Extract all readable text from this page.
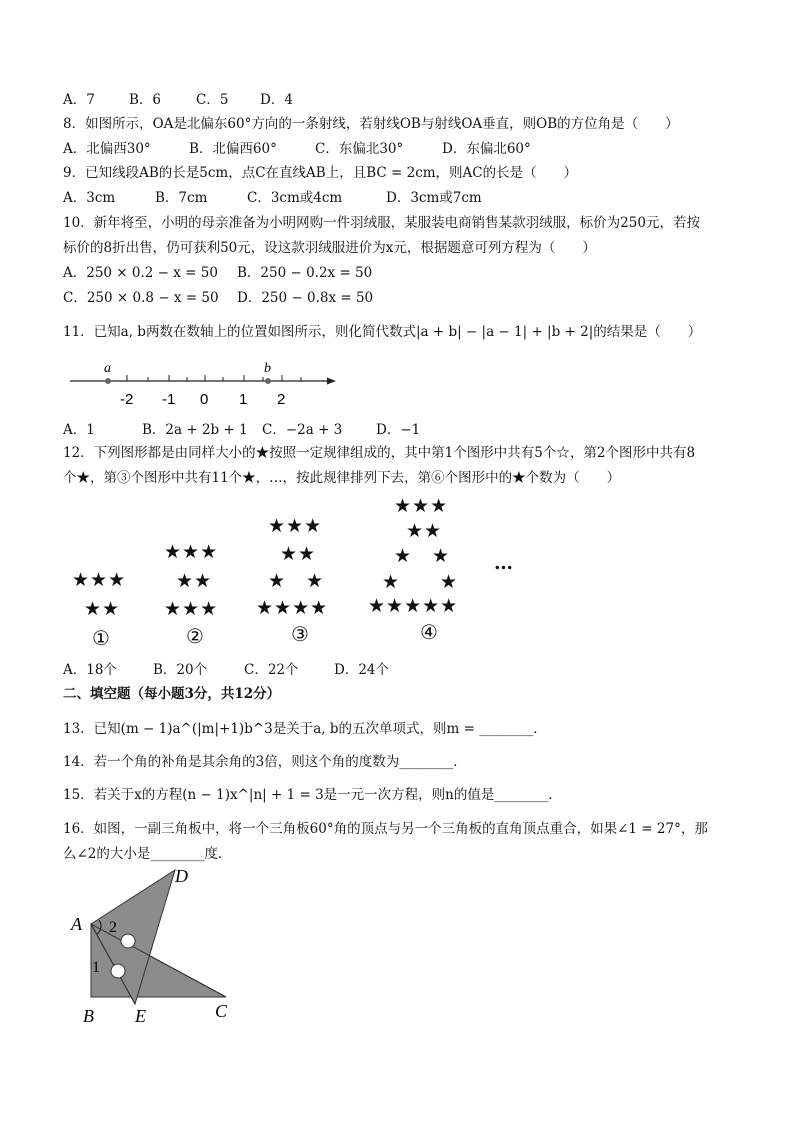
A．7	B．6	C．5 D．4
8．如图所示，OA是北偏东60°方向的一条射线，若射线OB与射线OA垂直，则OB的方位角是（　　）
A．北偏西30°	B．北偏西60°	C．东偏北30°	D．东偏北60°
9．已知线段AB的长是5cm，点C在直线AB上，且BC = 2cm，则AC的长是（　　）
A．3cm	B．7cm	C．3cm或4cm	D．3cm或7cm
10．新年将至，小明的母亲准备为小明网购一件羽绒服，某服装电商销售某款羽绒服，标价为250元，若按
标价的8折出售，仍可获利50元，设这款羽绒服进价为x元，根据题意可列方程为（　　）
A．250 × 0.2 − x = 50 B．250 − 0.2x = 50
C．250 × 0.8 − x = 50 D．250 − 0.8x = 50
11．已知a, b两数在数轴上的位置如图所示，则化简代数式|a + b| − |a − 1| + |b + 2|的结果是（　　）
a	b
-2 -1 0 1 2
A．1	B．2a + 2b + 1 C．−2a + 3 D．−1
12．下列图形都是由同样大小的★按照一定规律组成的，其中第1个图形中共有5个☆，第2个图形中共有8
个★，第③个图形中共有11个★，…，按此规律排列下去，第⑥个图形中的★个数为（　　）
★★★
★★
①
★★★
★★
★★★
②
★★★
★★
★　★
★★★★
③
★★★
★★
★　★
★　　★
★★★★★
④
…
A．18个	B．20个	C．22个	D．24个
二、填空题（每小题3分，共12分）
13．已知(m − 1)a^(|m|+1)b^3是关于a, b的五次单项式，则m = ________．
14．若一个角的补角是其余角的3倍，则这个角的度数为________．
15．若关于x的方程(n − 1)x^|n| + 1 = 3是一元一次方程，则n的值是________．
16．如图，一副三角板中，将一个三角板60°角的顶点与另一个三角板的直角顶点重合，如果∠1 = 27°，那
么∠2的大小是________度．
A
B	C
D
E
1
2
